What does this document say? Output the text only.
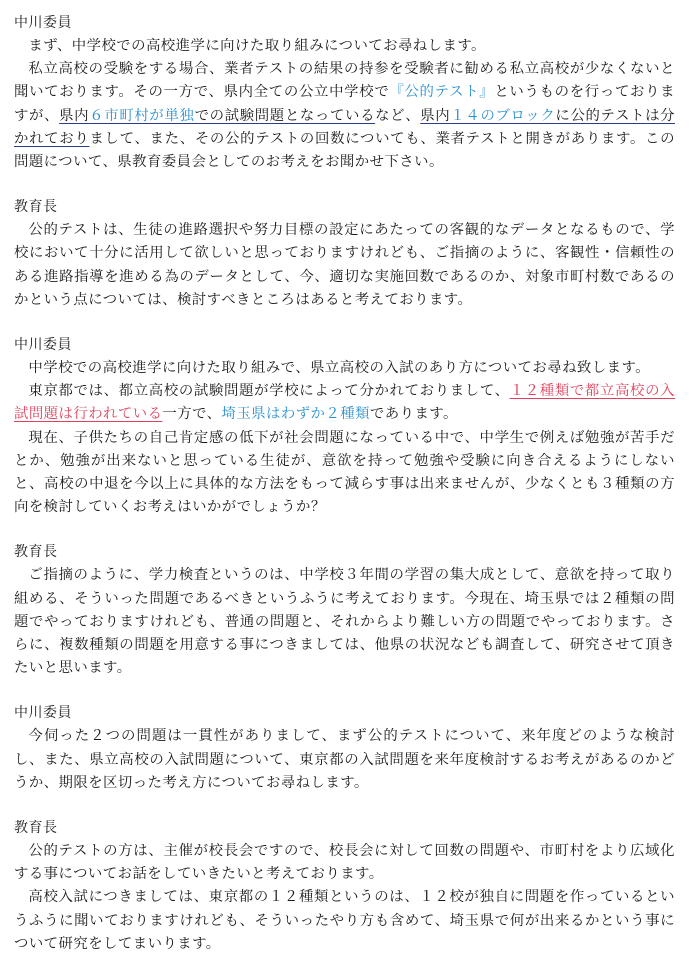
中川委員

まず、中学校での高校進学に向けた取り組みについてお尋ねします。

私立高校の受験をする場合、業者テストの結果の持参を受験者に勧める私立高校が少なくないと聞いております。その一方で、県内全ての公立中学校で『公的テスト』というものを行っておりますが、県内６市町村が単独での試験問題となっているなど、県内１４のブロックに公的テストは分かれておりまして、また、その公的テストの回数についても、業者テストと開きがあります。この問題について、県教育委員会としてのお考えをお聞かせ下さい。

教育長

公的テストは、生徒の進路選択や努力目標の設定にあたっての客観的なデータとなるもので、学校において十分に活用して欲しいと思っておりますけれども、ご指摘のように、客観性・信頼性のある進路指導を進める為のデータとして、今、適切な実施回数であるのか、対象市町村数であるのかという点については、検討すべきところはあると考えております。

中川委員

中学校での高校進学に向けた取り組みで、県立高校の入試のあり方についてお尋ね致します。

東京都では、都立高校の試験問題が学校によって分かれておりまして、１２種類で都立高校の入試問題は行われている一方で、埼玉県はわずか２種類であります。

現在、子供たちの自己肯定感の低下が社会問題になっている中で、中学生で例えば勉強が苦手だとか、勉強が出来ないと思っている生徒が、意欲を持って勉強や受験に向き合えるようにしないと、高校の中退を今以上に具体的な方法をもって減らす事は出来ませんが、少なくとも３種類の方向を検討していくお考えはいかがでしょうか？

教育長

ご指摘のように、学力検査というのは、中学校３年間の学習の集大成として、意欲を持って取り組める、そういった問題であるべきというふうに考えております。今現在、埼玉県では２種類の問題でやっておりますけれども、普通の問題と、それからより難しい方の問題でやっております。さらに、複数種類の問題を用意する事につきましては、他県の状況なども調査して、研究させて頂きたいと思います。

中川委員

今伺った２つの問題は一貫性がありまして、まず公的テストについて、来年度どのような検討し、また、県立高校の入試問題について、東京都の入試問題を来年度検討するお考えがあるのかどうか、期限を区切った考え方についてお尋ねします。

教育長

公的テストの方は、主催が校長会ですので、校長会に対して回数の問題や、市町村をより広域化する事についてお話をしていきたいと考えております。

高校入試につきましては、東京都の１２種類というのは、１２校が独自に問題を作っているというふうに聞いておりますけれども、そういったやり方も含めて、埼玉県で何が出来るかという事について研究をしてまいります。
